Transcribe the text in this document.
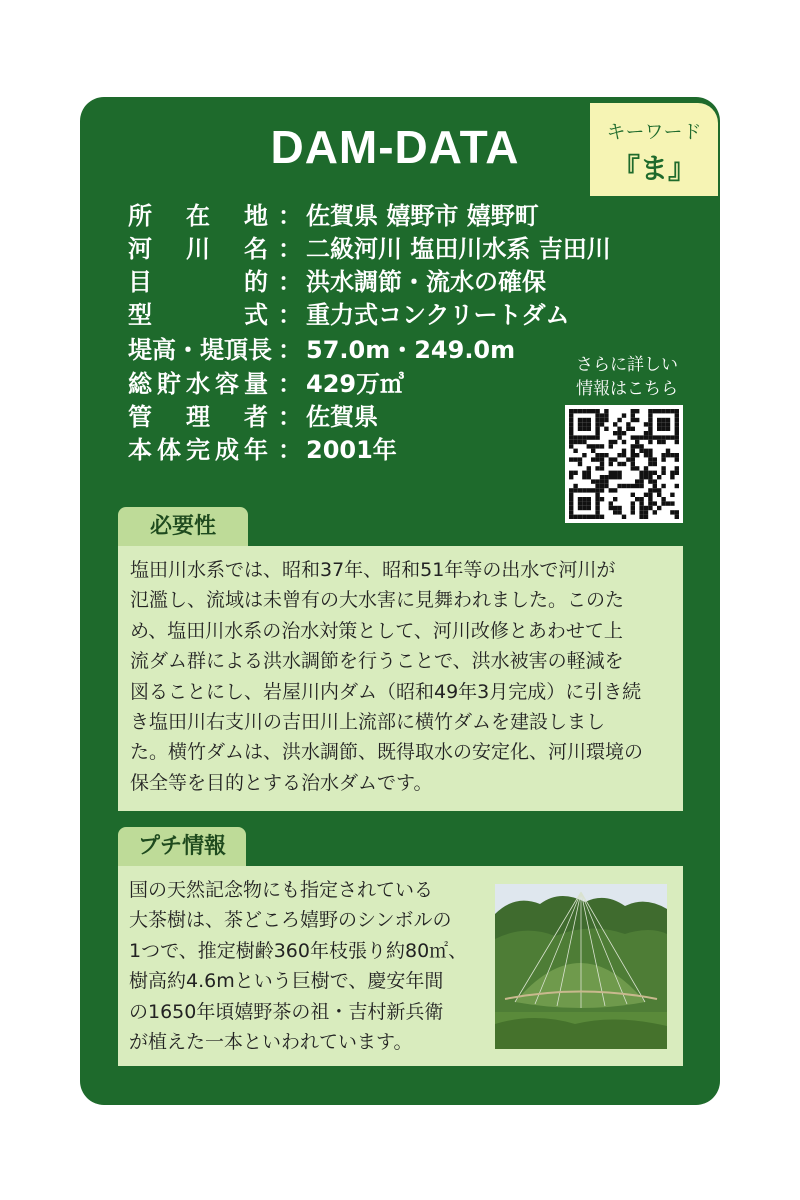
キーワード
『ま』
DAM-DATA
所 在 地 ： 佐賀県 嬉野市 嬉野町
河 川 名 ： 二級河川 塩田川水系 吉田川
目	的 ： 洪水調節・流水の確保
型	式 ： 重力式コンクリートダム
堤 高 ・ 堤 頂 長 ： 57.0m・249.0m
総 貯 水 容 量 ： 429万㎥
管 理 者 ： 佐賀県
本 体 完 成 年 ： 2001年
さらに詳しい
情報はこちら
必要性
塩田川水系では、昭和37年、昭和51年等の出水で河川が
氾濫し、流域は未曾有の大水害に見舞われました。このた
め、塩田川水系の治水対策として、河川改修とあわせて上
流ダム群による洪水調節を行うことで、洪水被害の軽減を
図ることにし、岩屋川内ダム（昭和49年3月完成）に引き続
き塩田川右支川の吉田川上流部に横竹ダムを建設しまし
た。横竹ダムは、洪水調節、既得取水の安定化、河川環境の
保全等を目的とする治水ダムです。
プチ情報
国の天然記念物にも指定されている
大茶樹は、茶どころ嬉野のシンボルの
1つで、推定樹齢360年枝張り約80㎡、
樹高約4.6mという巨樹で、慶安年間
の1650年頃嬉野茶の祖・吉村新兵衛
が植えた一本といわれています。
